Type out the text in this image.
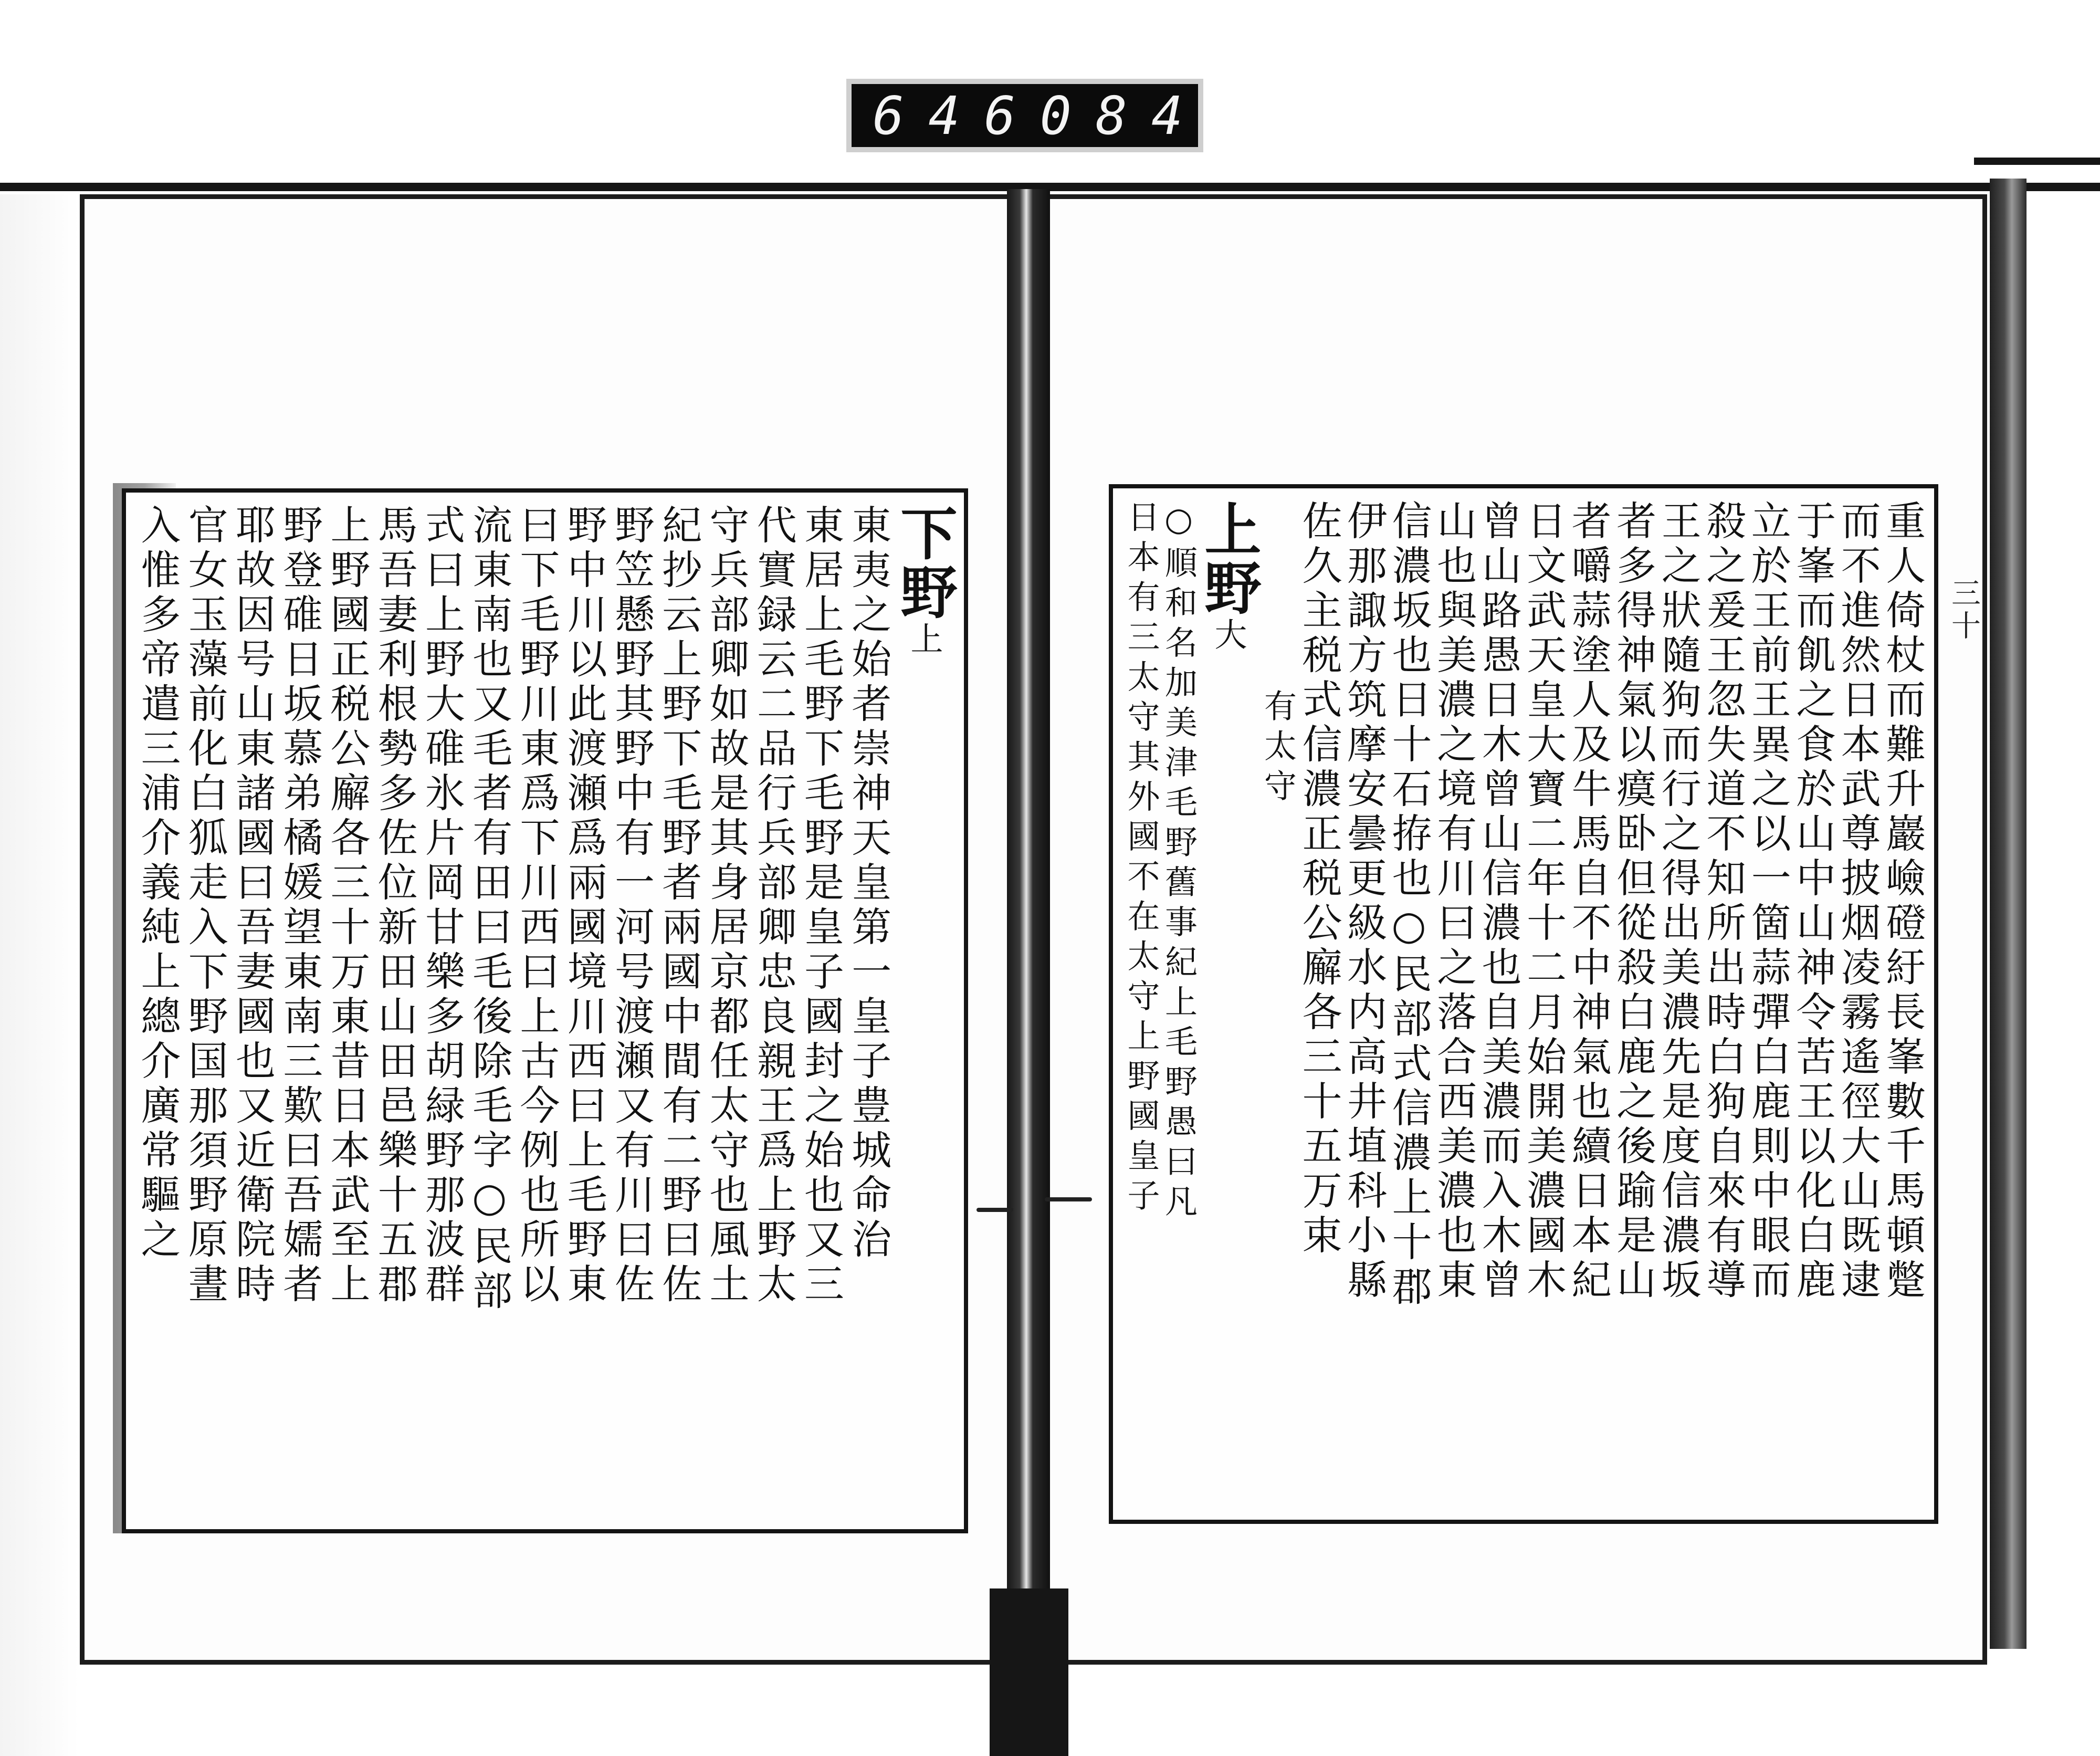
646 084
下野上
東夷之始者崇神天皇第一皇子豊城命治
東居上毛野下毛野是皇子國封之始也又三
代實録云二品行兵部卿忠良親王爲上野太
守兵部卿如故是其身居京都任太守也風土
紀抄云上野下毛野者兩國中間有二野曰佐
野笠懸野其野中有一河号渡瀬又有川曰佐
野中川以此渡瀬爲兩國境川西曰上毛野東
曰下毛野川東爲下川西曰上古今例也所以
流東南也又毛者有田曰毛後除毛字○民部
式曰上野大碓氷片岡甘樂多胡緑野那波群
馬吾妻利根勢多佐位新田山田邑樂十五郡
上野國正税公廨各三十万東昔日本武至上
野登碓日坂慕弟橘媛望東南三歎曰吾嬬者
耶故因号山東諸國曰吾妻國也又近衛院時
官女玉藻前化白狐走入下野国那須野原晝
入惟多帝遣三浦介義純上總介廣常驅之	重人倚杖而難升巖嶮磴紆長峯數千馬頓蹩
而不進然日本武尊披烟凌霧遙徑大山既逮
于峯而飢之食於山中山神令苦王以化白鹿
立於王前王異之以一箇蒜彈白鹿則中眼而
殺之爰王忽失道不知所出時白狗自來有導
王之狀隨狗而行之得出美濃先是度信濃坂
者多得神氣以瘼卧但從殺白鹿之後踰是山
者嚼蒜塗人及牛馬自不中神氣也續日本紀
日文武天皇大寶二年十二月始開美濃國木
曾山路愚日木曾山信濃也自美濃而入木曾
山也與美濃之境有川曰之落合西美濃也東
信濃坂也日十石拵也○民部式信濃上十郡
伊那諏方筑摩安曇更級水内高井埴科小縣
佐久主税式信濃正税公廨各三十五万束
有太守
上野大
○順和名加美津毛野舊事紀上毛野愚曰凡
日本有三太守其外國不在太守上野國皇子	三十
